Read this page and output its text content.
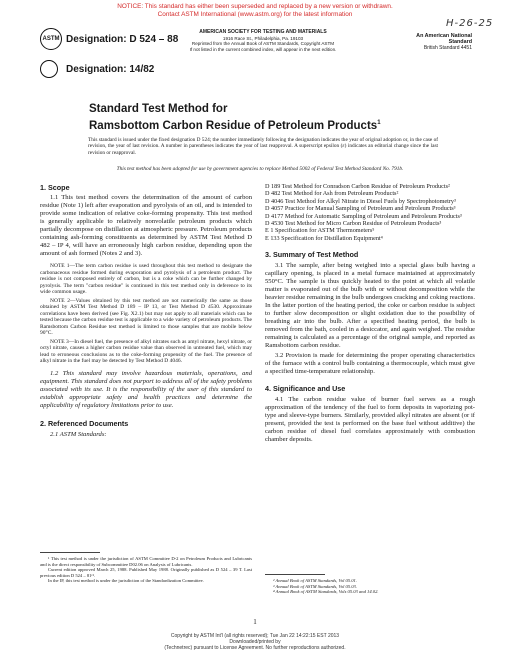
NOTICE: This standard has either been superseded and replaced by a new version or withdrawn.
Contact ASTM International (www.astm.org) for the latest information
H-26-25
ASTM Designation: D 524 – 88
AMERICAN SOCIETY FOR TESTING AND MATERIALS
1916 Race St., Philadelphia, Pa. 19103
Reprinted from the Annual Book of ASTM Standards, Copyright ASTM
If not listed in the current combined index, will appear in the next edition.
An American National Standard
British Standard 4451
Designation: 14/82
Standard Test Method for
Ramsbottom Carbon Residue of Petroleum Products$^1$
This standard is issued under the fixed designation D 524; the number immediately following the designation indicates the year of original adoption or, in the case of revision, the year of last revision. A number in parentheses indicates the year of last reapproval. A superscript epsilon (ε) indicates an editorial change since the last revision or reapproval.
This test method has been adopted for use by government agencies to replace Method 5002 of Federal Test Method Standard No. 791b.
1. Scope

1.1 This test method covers the determination of the amount of carbon residue (Note 1) left after evaporation and pyrolysis of an oil, and is intended to provide some indication of relative coke-forming propensity. This test method is generally applicable to relatively nonvolatile petroleum products which partially decompose on distillation at atmospheric pressure. Petroleum products containing ash-forming constituents as determined by ASTM Test Method D 482 – IP 4, will have an erroneously high carbon residue, depending upon the amount of ash formed (Notes 2 and 3).

NOTE 1—The term carbon residue is used throughout this test method to designate the carbonaceous residue formed during evaporation and pyrolysis of a petroleum product. The residue is not composed entirely of carbon, but is a coke which can be further changed by pyrolysis. The term "carbon residue" is continued in this test method only in deference to its wide common usage.

NOTE 2—Values obtained by this test method are not numerically the same as those obtained by ASTM Test Method D 189 – IP 13, or Test Method D 4530. Approximate correlations have been derived (see Fig. X2.1) but may not apply to all materials which can be tested because the carbon residue test is applicable to a wide variety of petroleum products. The Ramsbottom Carbon Residue test method is limited to those samples that are mobile below 90°C.

NOTE 3—In diesel fuel, the presence of alkyl nitrates such as amyl nitrate, hexyl nitrate, or octyl nitrate, causes a higher carbon residue value than observed in untreated fuel, which may lead to erroneous conclusions as to the coke-forming propensity of the fuel. The presence of alkyl nitrate in the fuel may be detected by Test Method D 4046.

1.2 This standard may involve hazardous materials, operations, and equipment. This standard does not purport to address all of the safety problems associated with its use. It is the responsibility of the user of this standard to establish appropriate safety and health practices and determine the applicability of regulatory limitations prior to use.

2. Referenced Documents

2.1 ASTM Standards:

¹ This test method is under the jurisdiction of ASTM Committee D-2 on Petroleum Products and Lubricants and is the direct responsibility of Subcommittee D02.06 on Analysis of Lubricants.
Current edition approved March 25, 1988. Published May 1988. Originally published as D 524 – 39 T. Last previous edition D 524 – 81ᵉ¹.
In the IP, this test method is under the jurisdiction of the Standardization Committee.
D 189 Test Method for Conradson Carbon Residue of Petroleum Products²
D 482 Test Method for Ash from Petroleum Products²
D 4046 Test Method for Alkyl Nitrate in Diesel Fuels by Spectrophotometry³
D 4057 Practice for Manual Sampling of Petroleum and Petroleum Products³
D 4177 Method for Automatic Sampling of Petroleum and Petroleum Products³
D 4530 Test Method for Micro Carbon Residue of Petroleum Products³
E 1 Specification for ASTM Thermometers⁵
E 133 Specification for Distillation Equipment⁴
3. Summary of Test Method

3.1 The sample, after being weighed into a special glass bulb having a capillary opening, is placed in a metal furnace maintained at approximately 550°C. The sample is thus quickly heated to the point at which all volatile matter is evaporated out of the bulb with or without decomposition while the heavier residue remaining in the bulb undergoes cracking and coking reactions. In the latter portion of the heating period, the coke or carbon residue is subject to further slow decomposition or slight oxidation due to the possibility of breathing air into the bulb. After a specified heating period, the bulb is removed from the bath, cooled in a desiccator, and again weighed. The residue remaining is calculated as a percentage of the original sample, and reported as Ramsbottom carbon residue.

3.2 Provision is made for determining the proper operating characteristics of the furnace with a control bulb containing a thermocouple, which must give a specified time-temperature relationship.

4. Significance and Use

4.1 The carbon residue value of burner fuel serves as a rough approximation of the tendency of the fuel to form deposits in vaporizing pot-type and sleeve-type burners. Similarly, provided alkyl nitrates are absent (or if present, provided the test is performed on the base fuel without additive) the carbon residue of diesel fuel correlates approximately with combustion chamber deposits.

² Annual Book of ASTM Standards, Vol 05.01.
³ Annual Book of ASTM Standards, Vol 05.03.
⁴ Annual Book of ASTM Standards, Vols 05.03 and 14.02.
1
Copyright by ASTM Int'l (all rights reserved); Tue Jan 22 14:22:15 EST 2013
Downloaded/printed by
(Technetrec) pursuant to License Agreement. No further reproductions authorized.
